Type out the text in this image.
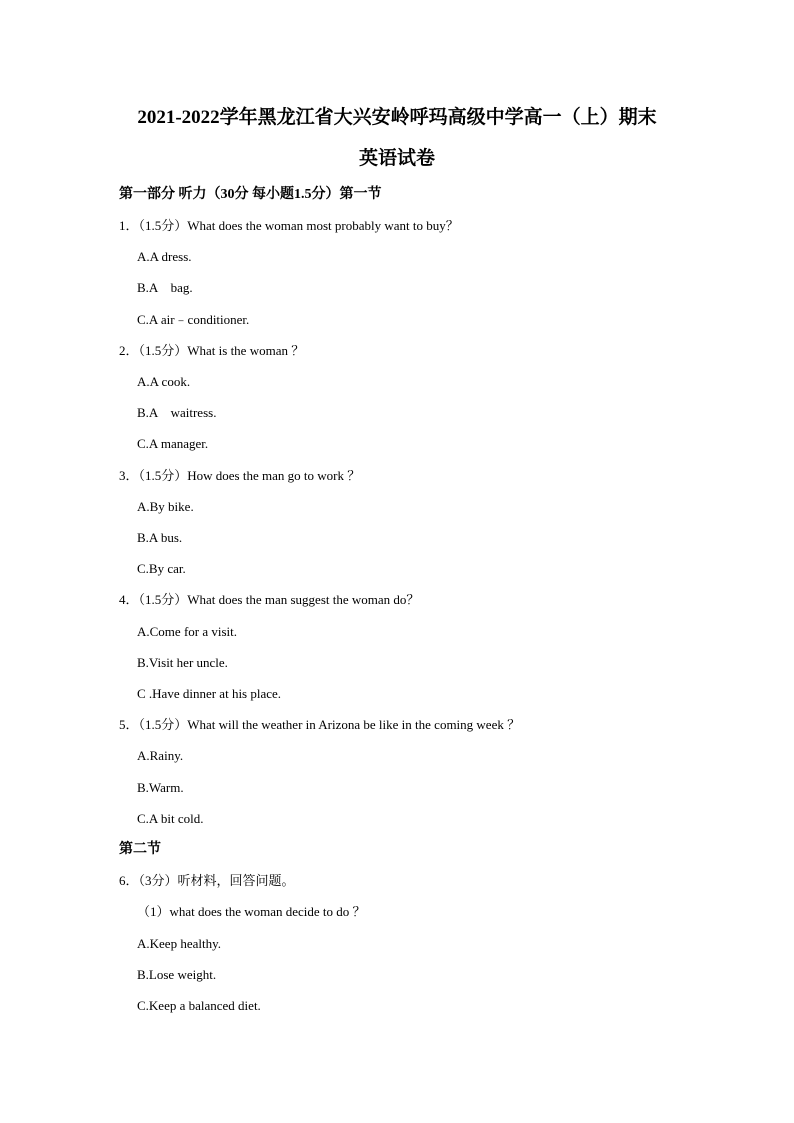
2021-2022学年黑龙江省大兴安岭呼玛高级中学高一（上）期末
英语试卷

第一部分 听力（30分 每小题1.5分）第一节

1．（1.5分）What does the woman most probably want to buy？

A.A dress.

B.A    bag.

C.A air﹣conditioner.

2．（1.5分）What is the woman ？

A.A cook.

B.A    waitress.

C.A manager.

3．（1.5分）How does the man go to work ？

A.By bike.

B.A bus.

C.By car.

4．（1.5分）What does the man suggest the woman do？

A.Come for a visit.

B.Visit her uncle.

C .Have dinner at his place.

5．（1.5分）What will the weather in Arizona be like in the coming week ？

A.Rainy.

B.Warm.

C.A bit cold.

第二节

6．（3分）听材料，回答问题。

（1）what does the woman decide to do ？

A.Keep healthy.

B.Lose weight.

C.Keep a balanced diet.
